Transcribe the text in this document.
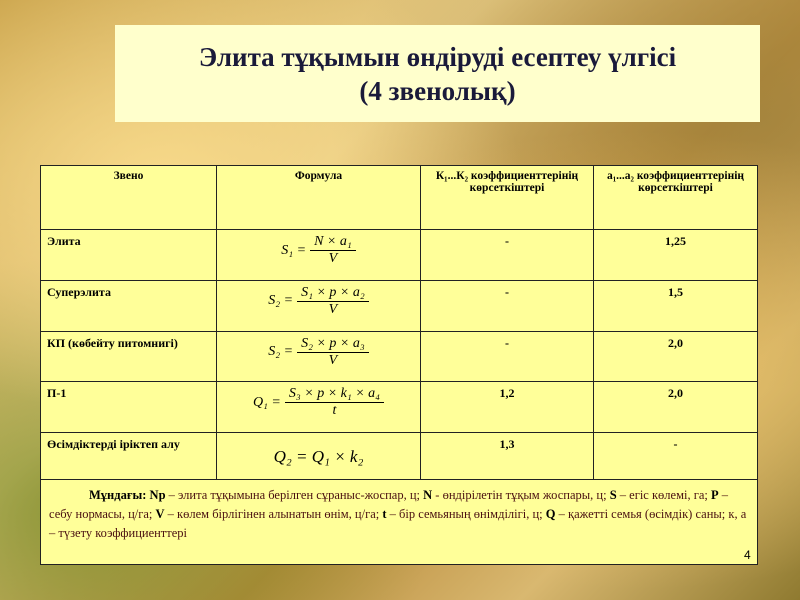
Элита тұқымын өндіруді есептеу үлгісі
(4 звенолық)
Звено	Формула	К₁...К₂ коэффициенттерінің көрсеткіштері	а₁...а₂ коэффициенттерінің көрсеткіштері
Элита	$S_1 = \frac{\text{N × a₁}}{V}$	-	1,25
Суперэлита	$S_2 = \frac{\text{S₁ × p × a₂}}{V}$	-	1,5
КП (көбейту питомнигі)	$S_2 = \frac{\text{S₂ × p × a₃}}{V}$	-	2,0
П-1	$Q_1 = \frac{\text{S₃ × p × k₁ × a₄}}{t}$	1,2	2,0
Өсімдіктерді іріктеп алу	Q₂ = Q₁ × k₂	1,3	-
Мұндағы: Nр – элита тұқымына берілген сұраныс-жоспар, ц; N - өндірілетін тұқым жоспары, ц; S – егіс көлемі, га; Р – себу нормасы, ц/га; V – көлем бірлігінен алынатын өнім, ц/га; t – бір семьяның өнімділігі, ц; Q – қажетті семья (өсімдік) саны; к, а – түзету коэффициенттері			
4
